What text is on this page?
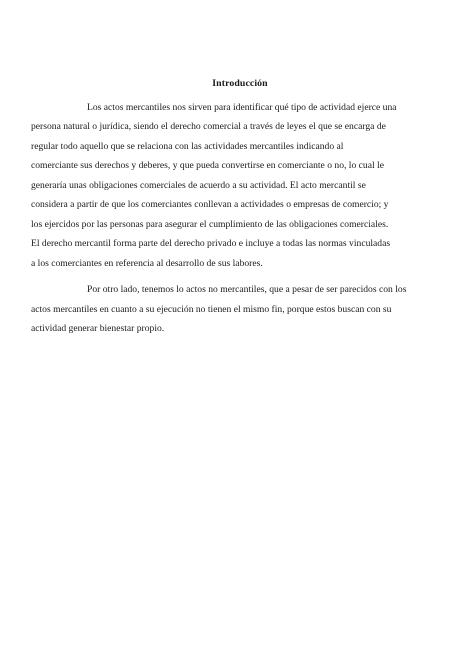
Introducción
Los actos mercantiles nos sirven para identificar qué tipo de actividad ejerce una
persona natural o jurídica, siendo el derecho comercial a través de leyes el que se encarga de
regular todo aquello que se relaciona con las actividades mercantiles indicando al
comerciante sus derechos y deberes, y que pueda convertirse en comerciante o no, lo cual le
generaría unas obligaciones comerciales de acuerdo a su actividad. El acto mercantil se
considera a partir de que los comerciantes conllevan a actividades o empresas de comercio; y
los ejercidos por las personas para asegurar el cumplimiento de las obligaciones comerciales.
El derecho mercantil forma parte del derecho privado e incluye a todas las normas vinculadas
a los comerciantes en referencia al desarrollo de sus labores.
Por otro lado, tenemos lo actos no mercantiles, que a pesar de ser parecidos con los
actos mercantiles en cuanto a su ejecución no tienen el mismo fin, porque estos buscan con su
actividad generar bienestar propio.
